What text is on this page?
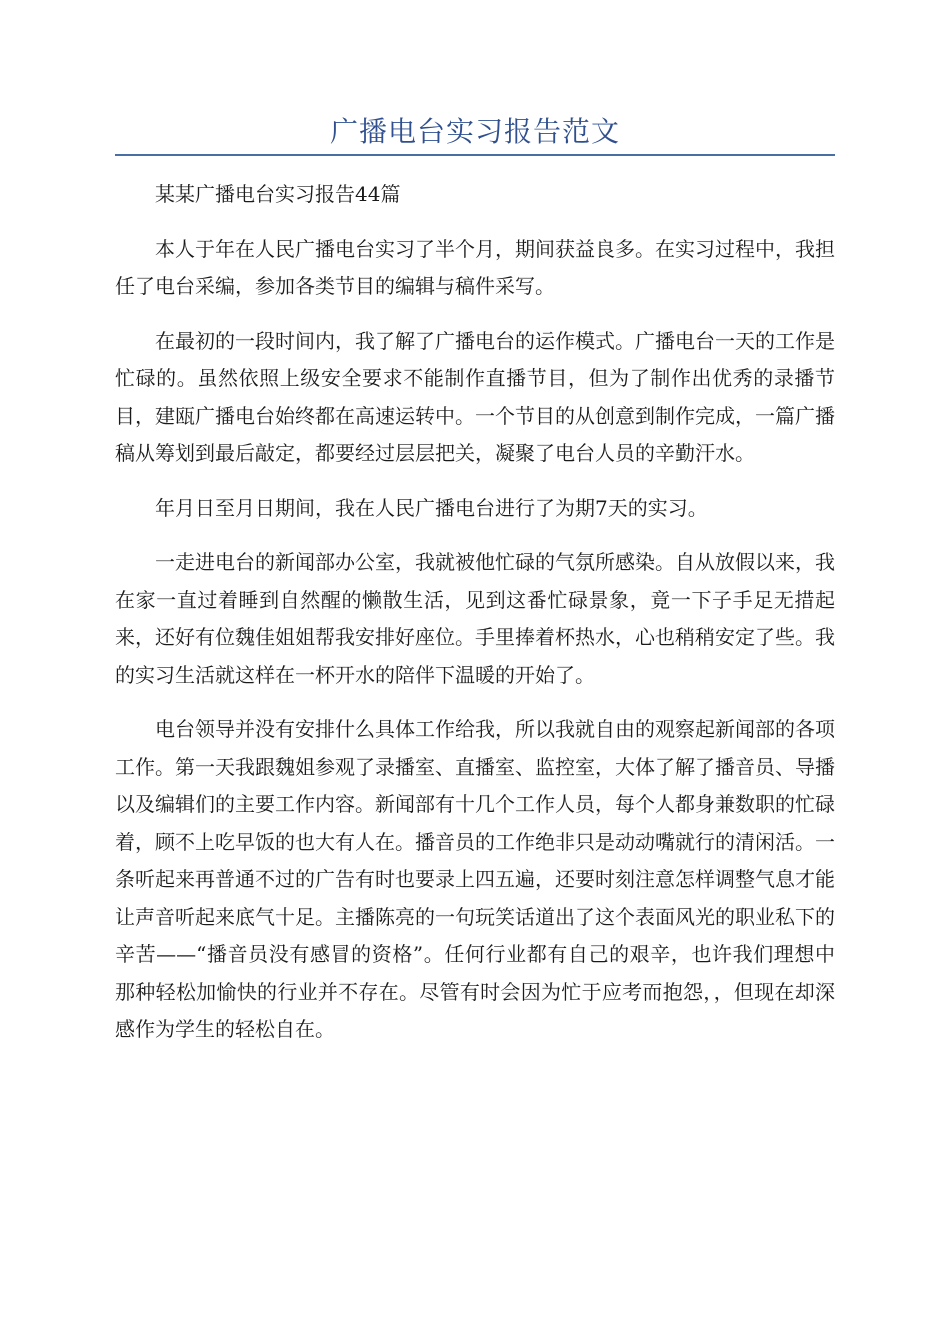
广播电台实习报告范文

某某广播电台实习报告44篇

本人于年在人民广播电台实习了半个月，期间获益良多。在实习过程中，我担任了电台采编，参加各类节目的编辑与稿件采写。

在最初的一段时间内，我了解了广播电台的运作模式。广播电台一天的工作是忙碌的。虽然依照上级安全要求不能制作直播节目，但为了制作出优秀的录播节目，建瓯广播电台始终都在高速运转中。一个节目的从创意到制作完成，一篇广播稿从筹划到最后敲定，都要经过层层把关，凝聚了电台人员的辛勤汗水。

年月日至月日期间，我在人民广播电台进行了为期7天的实习。

一走进电台的新闻部办公室，我就被他忙碌的气氛所感染。自从放假以来，我在家一直过着睡到自然醒的懒散生活，见到这番忙碌景象，竟一下子手足无措起来，还好有位魏佳姐姐帮我安排好座位。手里捧着杯热水，心也稍稍安定了些。我的实习生活就这样在一杯开水的陪伴下温暖的开始了。

电台领导并没有安排什么具体工作给我，所以我就自由的观察起新闻部的各项工作。第一天我跟魏姐参观了录播室、直播室、监控室，大体了解了播音员、导播以及编辑们的主要工作内容。新闻部有十几个工作人员，每个人都身兼数职的忙碌着，顾不上吃早饭的也大有人在。播音员的工作绝非只是动动嘴就行的清闲活。一条听起来再普通不过的广告有时也要录上四五遍，还要时刻注意怎样调整气息才能让声音听起来底气十足。主播陈亮的一句玩笑话道出了这个表面风光的职业私下的辛苦——“播音员没有感冒的资格”。任何行业都有自己的艰辛，也许我们理想中那种轻松加愉快的行业并不存在。尽管有时会因为忙于应考而抱怨，，但现在却深感作为学生的轻松自在。
